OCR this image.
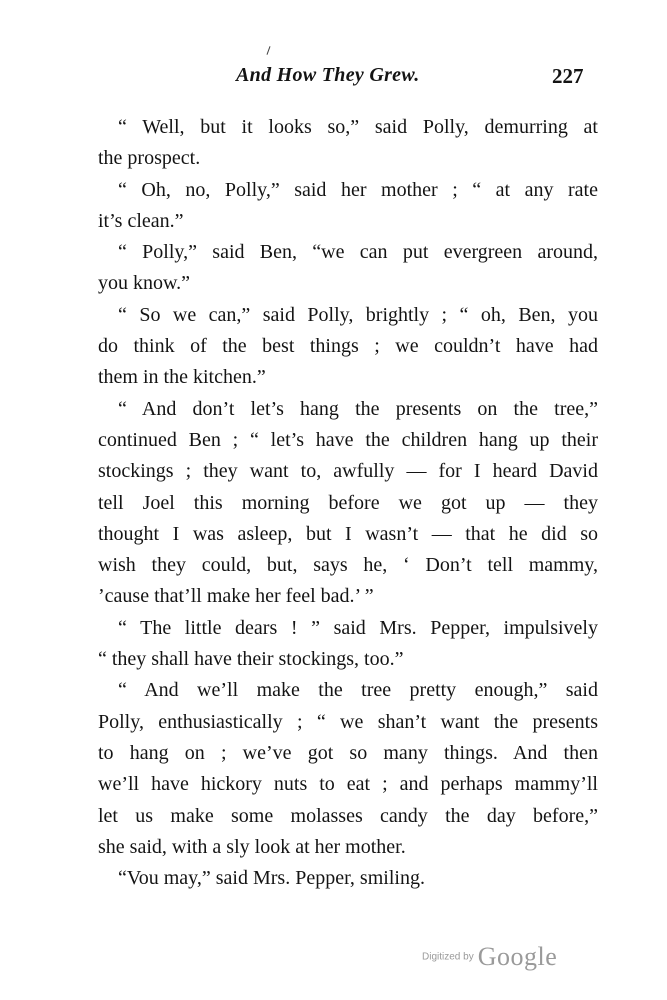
And How They Grew.	227
“ Well, but it looks so,” said Polly, demurring at
the prospect.
“ Oh, no, Polly,” said her mother ; “ at any rate
it’s clean.”
“ Polly,” said Ben, “we can put evergreen around,
you know.”
“ So we can,” said Polly, brightly ; “ oh, Ben, you
do think of the best things ; we couldn’t have had
them in the kitchen.”
“ And don’t let’s hang the presents on the tree,”
continued Ben ; “ let’s have the children hang up their
stockings ; they want to, awfully — for I heard David
tell Joel this morning before we got up — they
thought I was asleep, but I wasn’t — that he did so
wish they could, but, says he, ‘ Don’t tell mammy,
’cause that’ll make her feel bad.’ ”
“ The little dears ! ” said Mrs. Pepper, impulsively
“ they shall have their stockings, too.”
“ And we’ll make the tree pretty enough,” said
Polly, enthusiastically ; “ we shan’t want the presents
to hang on ; we’ve got so many things. And then
we’ll have hickory nuts to eat ; and perhaps mammy’ll
let us make some molasses candy the day before,”
she said, with a sly look at her mother.
“Vou may,” said Mrs. Pepper, smiling.
Digitized by Google
